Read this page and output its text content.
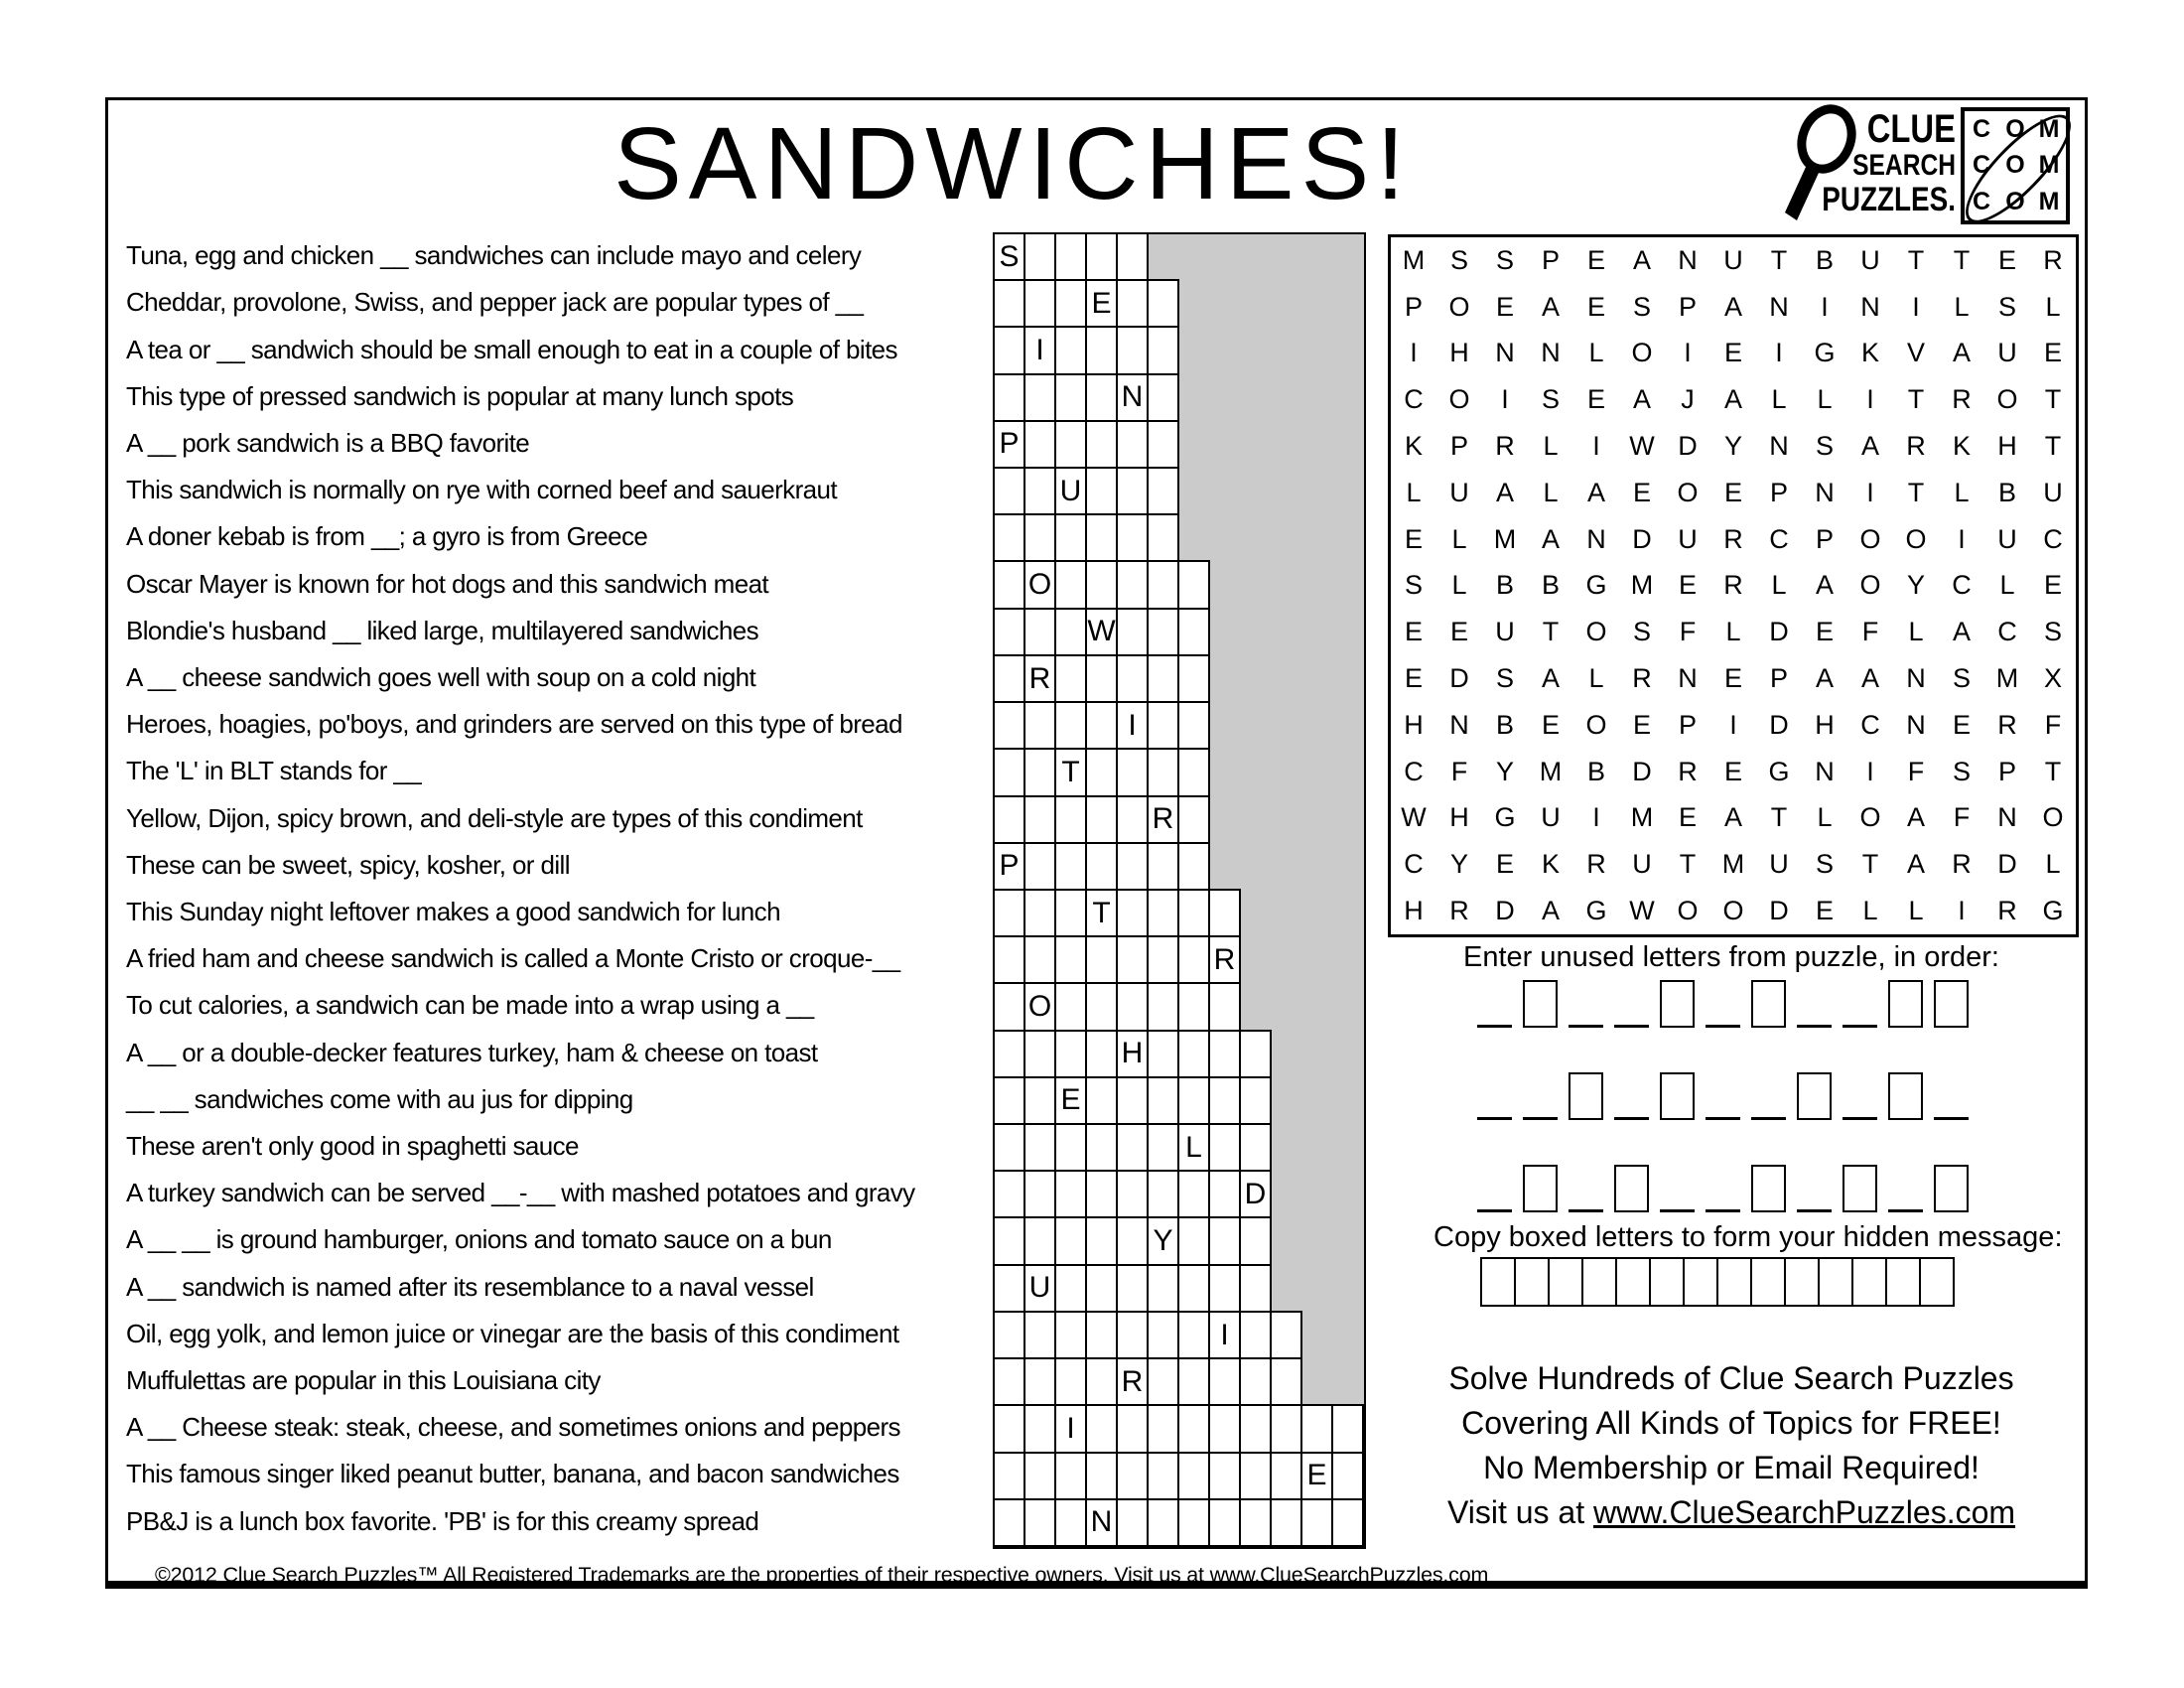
SANDWICHES!	CLUE
SEARCH
PUZZLES.
C O M
C O M
C O M
Tuna, egg and chicken __ sandwiches can include mayo and celery
Cheddar, provolone, Swiss, and pepper jack are popular types of __
A tea or __ sandwich should be small enough to eat in a couple of bites
This type of pressed sandwich is popular at many lunch spots
A __ pork sandwich is a BBQ favorite
This sandwich is normally on rye with corned beef and sauerkraut
A doner kebab is from __; a gyro is from Greece
Oscar Mayer is known for hot dogs and this sandwich meat
Blondie's husband __ liked large, multilayered sandwiches
A __ cheese sandwich goes well with soup on a cold night
Heroes, hoagies, po'boys, and grinders are served on this type of bread
The 'L' in BLT stands for __
Yellow, Dijon, spicy brown, and deli-style are types of this condiment
These can be sweet, spicy, kosher, or dill
This Sunday night leftover makes a good sandwich for lunch
A fried ham and cheese sandwich is called a Monte Cristo or croque-__
To cut calories, a sandwich can be made into a wrap using a __
A __ or a double-decker features turkey, ham & cheese on toast
__ __ sandwiches come with au jus for dipping
These aren't only good in spaghetti sauce
A turkey sandwich can be served __-__ with mashed potatoes and gravy
A __ __ is ground hamburger, onions and tomato sauce on a bun
A __ sandwich is named after its resemblance to a naval vessel
Oil, egg yolk, and lemon juice or vinegar are the basis of this condiment
Muffulettas are popular in this Louisiana city
A __ Cheese steak: steak, cheese, and sometimes onions and peppers
This famous singer liked peanut butter, banana, and bacon sandwiches
PB&J is a lunch box favorite. 'PB' is for this creamy spread
S
E
I
N
P
U
O
W
R
I
T
R
P
T
R
O
H
E
L
D
Y
U
I
R
I
E
N
M S	S	P	E	A	N U	T	B	U	T	T	E	R
P O E	A	E	S	P	A	N	I	N	I	L	S	L
I	H N N	L	O	I	E	I	G K	V	A	U	E
C O	I	S	E	A	J	A	L	L	I	T	R O	T
K	P	R	L	I	W D	Y	N	S	A	R	K	H	T
L	U	A	L	A	E O E	P	N	I	T	L	B	U
E	L	M A	N D U R C	P O O	I	U C
S	L	B	B G M E	R	L	A O Y	C	L	E
E	E	U	T	O S	F	L	D	E	F	L	A	C	S
E	D	S	A	L	R N	E	P	A	A	N	S M X
H N	B	E O E	P	I	D H C N	E	R	F
C	F	Y M B	D R	E G N	I	F	S	P	T
W H G U	I	M E	A	T	L	O A	F	N O
C	Y	E	K	R U	T M U	S	T	A	R D	L
H R D	A G W O O D	E	L	L	I	R G
Enter unused letters from puzzle, in order:
Copy boxed letters to form your hidden message:
Solve Hundreds of Clue Search Puzzles
Covering All Kinds of Topics for FREE!
No Membership or Email Required!
Visit us at www.ClueSearchPuzzles.com
©2012 Clue Search Puzzles™ All Registered Trademarks are the properties of their respective owners. Visit us at www.ClueSearchPuzzles.com
